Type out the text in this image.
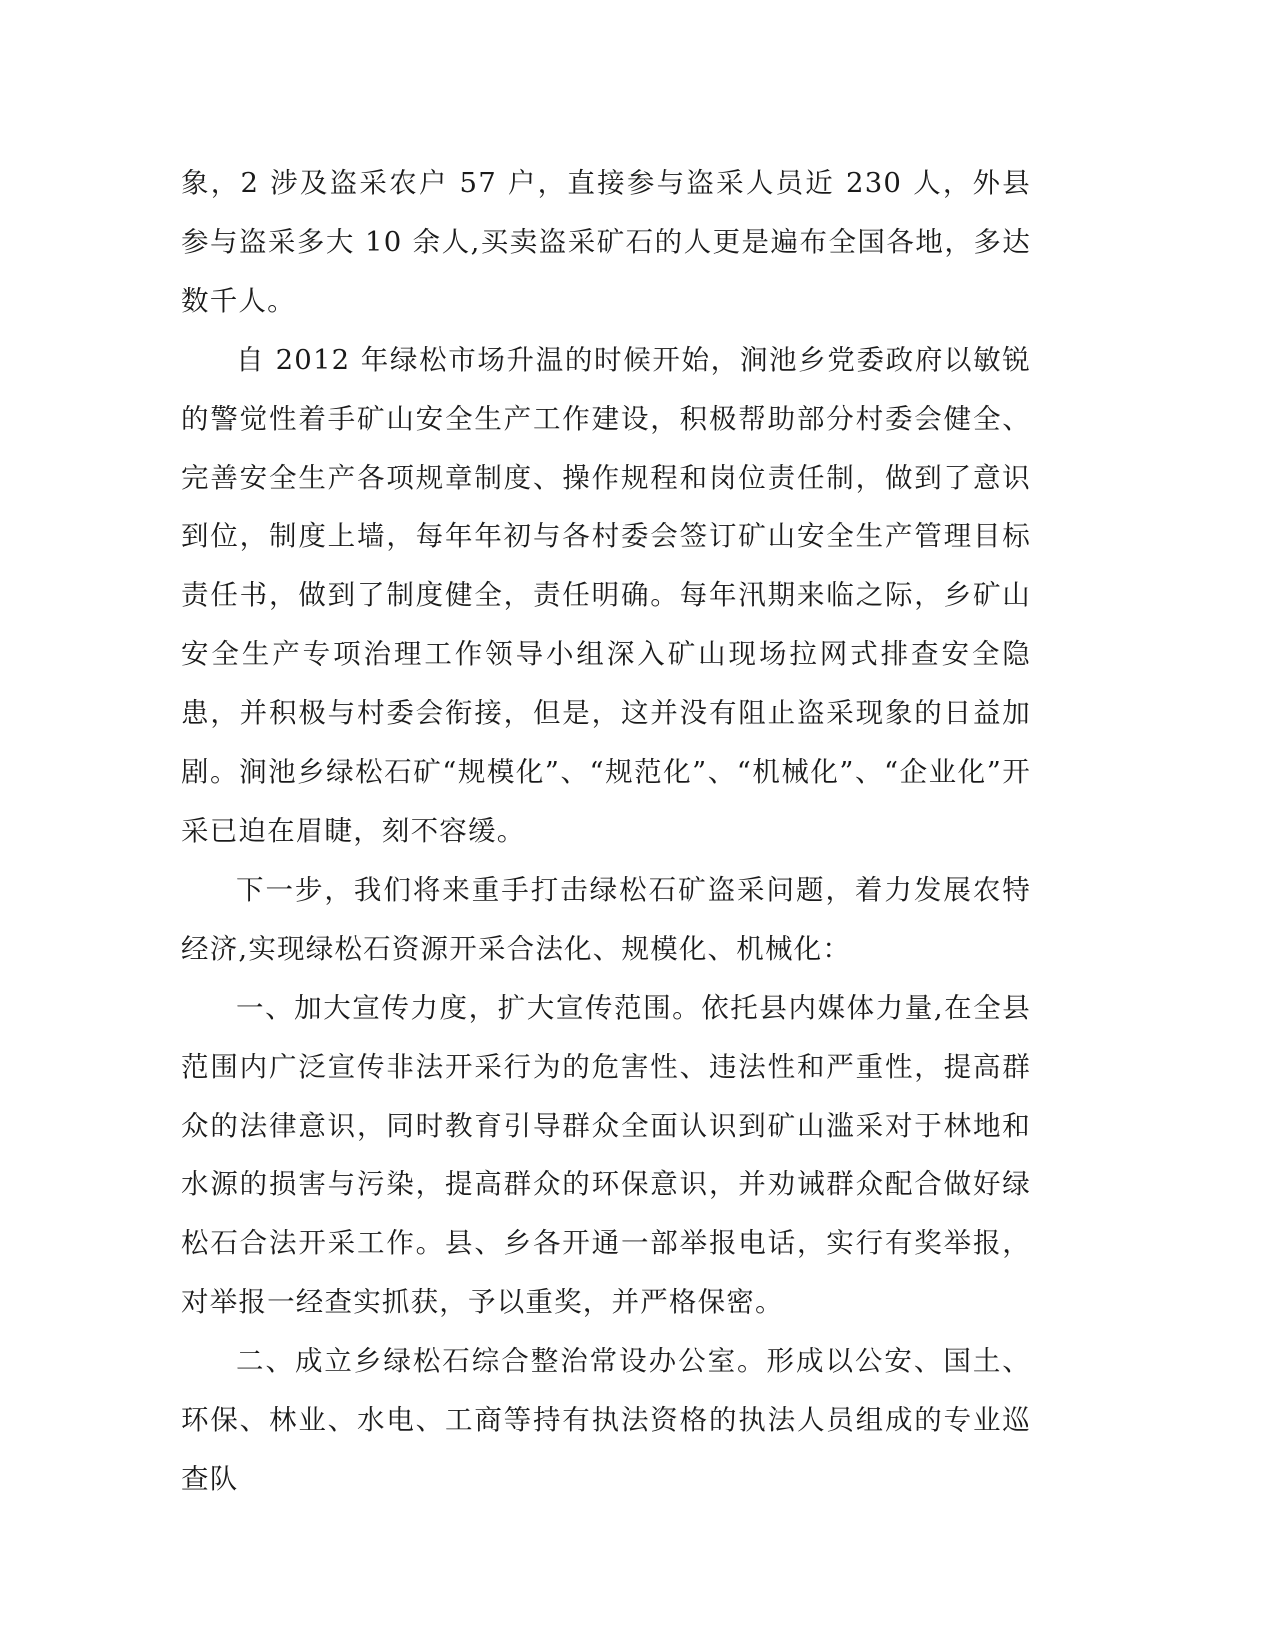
象，2 涉及盗采农户 57 户，直接参与盗采人员近 230 人，外县参与盗采多大 10 余人,买卖盗采矿石的人更是遍布全国各地，多达数千人。

自 2012 年绿松市场升温的时候开始，涧池乡党委政府以敏锐的警觉性着手矿山安全生产工作建设，积极帮助部分村委会健全、完善安全生产各项规章制度、操作规程和岗位责任制，做到了意识到位，制度上墙，每年年初与各村委会签订矿山安全生产管理目标责任书，做到了制度健全，责任明确。每年汛期来临之际，乡矿山安全生产专项治理工作领导小组深入矿山现场拉网式排查安全隐患，并积极与村委会衔接，但是，这并没有阻止盗采现象的日益加剧。涧池乡绿松石矿“规模化”、“规范化”、“机械化”、“企业化”开采已迫在眉睫，刻不容缓。

下一步，我们将来重手打击绿松石矿盗采问题，着力发展农特经济,实现绿松石资源开采合法化、规模化、机械化：

一、加大宣传力度，扩大宣传范围。依托县内媒体力量,在全县范围内广泛宣传非法开采行为的危害性、违法性和严重性，提高群众的法律意识，同时教育引导群众全面认识到矿山滥采对于林地和水源的损害与污染，提高群众的环保意识，并劝诫群众配合做好绿松石合法开采工作。县、乡各开通一部举报电话，实行有奖举报，对举报一经查实抓获，予以重奖，并严格保密。

二、成立乡绿松石综合整治常设办公室。形成以公安、国土、环保、林业、水电、工商等持有执法资格的执法人员组成的专业巡查队
